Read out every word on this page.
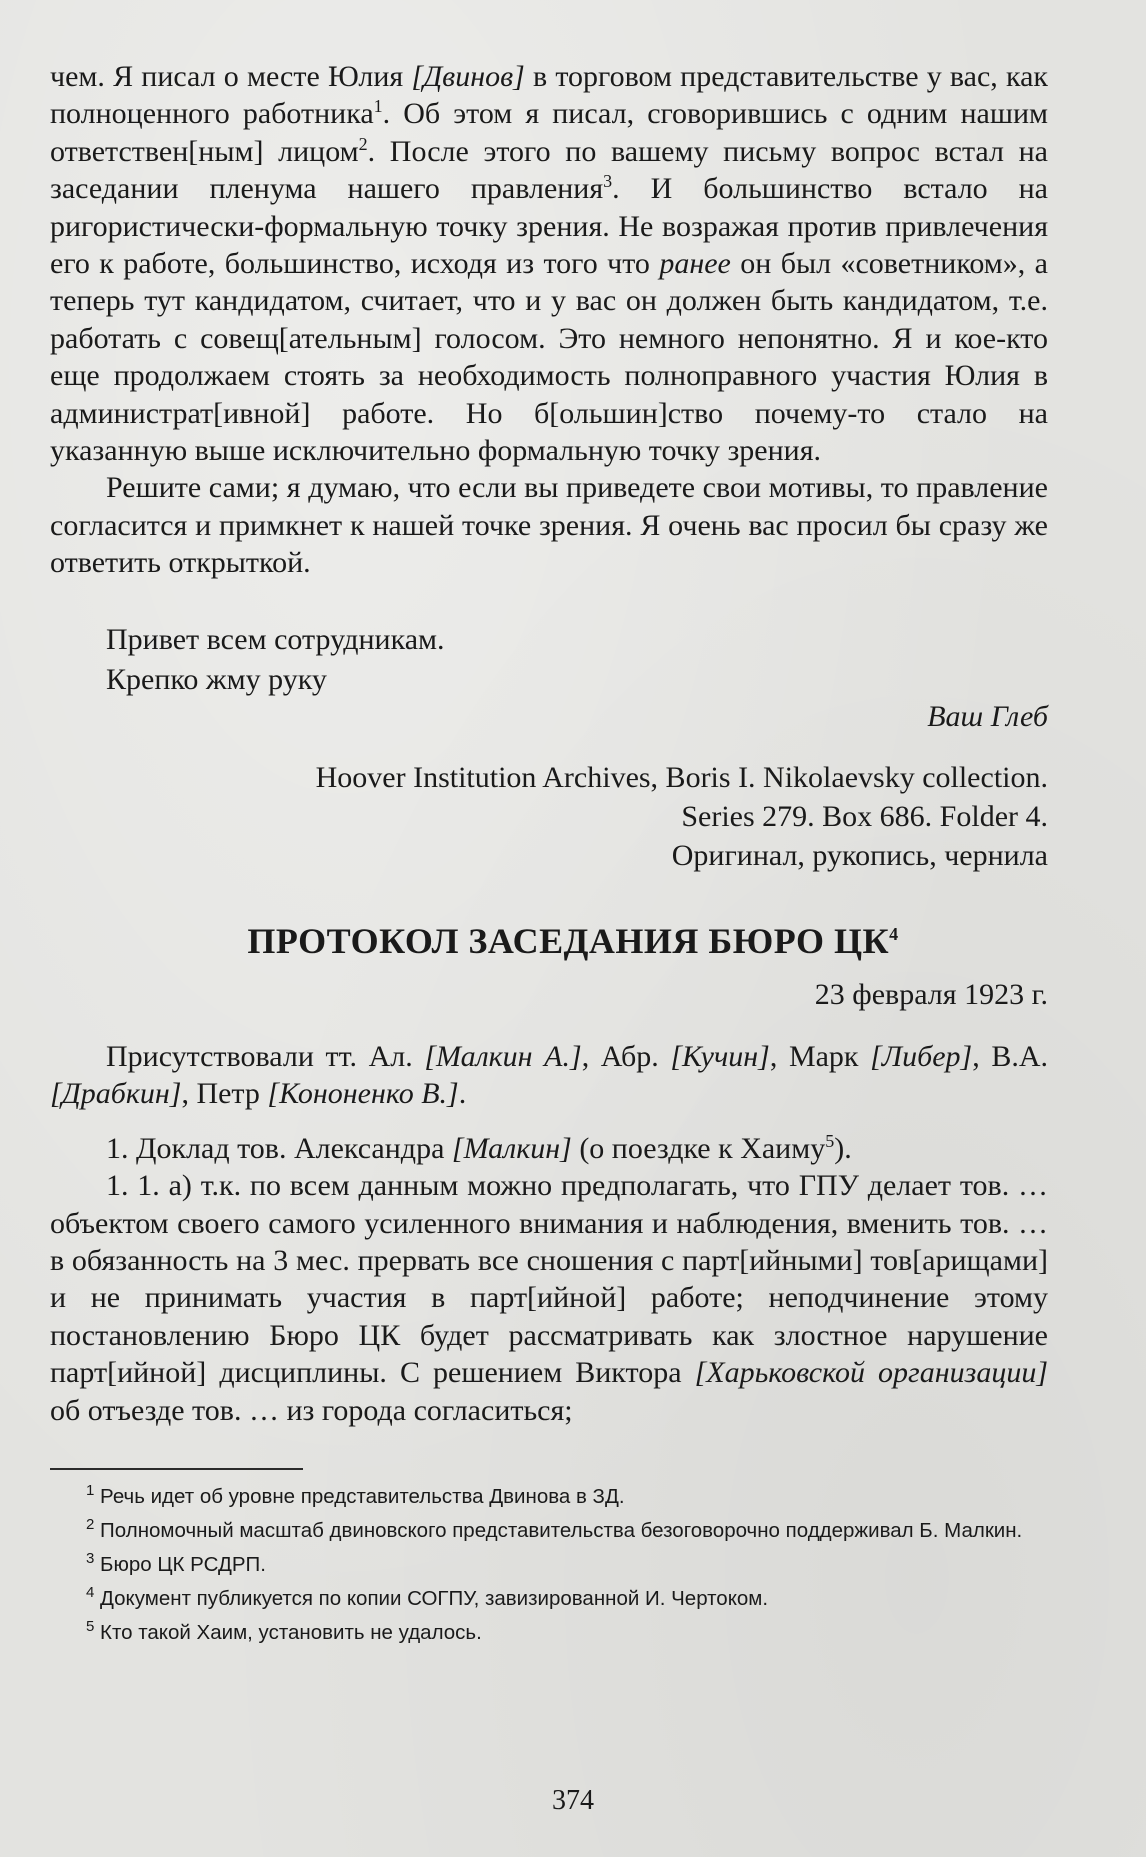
чем. Я писал о месте Юлия [Двинов] в торговом представительстве у вас, как полноценного работника$^1$. Об этом я писал, сговорившись с одним нашим ответствен[ным] лицом$^2$. После этого по вашему письму вопрос встал на заседании пленума нашего правления$^3$. И большинство встало на ригористически-формальную точку зрения. Не возражая против привлечения его к работе, большинство, исходя из того что ранее он был «советником», а теперь тут кандидатом, считает, что и у вас он должен быть кандидатом, т.е. работать с совещ[ательным] голосом. Это немного непонятно. Я и кое-кто еще продолжаем стоять за необходимость полноправного участия Юлия в администрат[ивной] работе. Но б[ольшин]ство почему-то стало на указанную выше исключительно формальную точку зрения.

Решите сами; я думаю, что если вы приведете свои мотивы, то правление согласится и примкнет к нашей точке зрения. Я очень вас просил бы сразу же ответить открыткой.

Привет всем сотрудникам.
Крепко жму руку
Ваш Глеб
Hoover Institution Archives, Boris I. Nikolaevsky collection.
Series 279. Box 686. Folder 4.
Оригинал, рукопись, чернила
ПРОТОКОЛ ЗАСЕДАНИЯ БЮРО $ЦК^4$
23 февраля 1923 г.

Присутствовали тт. Ал. [Малкин А.], Абр. [Кучин], Марк [Либер], В.А. [Драбкин], Петр [Кононенко В.].

1. Доклад тов. Александра [Малкин] (о поездке к Хаиму$^5$).

1. 1. а) т.к. по всем данным можно предполагать, что ГПУ делает тов. … объектом своего самого усиленного внимания и наблюдения, вменить тов. … в обязанность на 3 мес. прервать все сношения с парт[ийными] тов[арищами] и не принимать участия в парт[ийной] работе; неподчинение этому постановлению Бюро ЦК будет рассматривать как злостное нарушение парт[ийной] дисциплины. С решением Виктора [Харьковской организации] об отъезде тов. … из города согласиться;

$^1$ Речь идет об уровне представительства Двинова в ЗД.

$^2$ Полномочный масштаб двиновского представительства безоговорочно поддерживал Б. Малкин.

$^3$ Бюро ЦК РСДРП.

$^4$ Документ публикуется по копии СОГПУ, завизированной И. Чертоком.

$^5$ Кто такой Хаим, установить не удалось.

374
